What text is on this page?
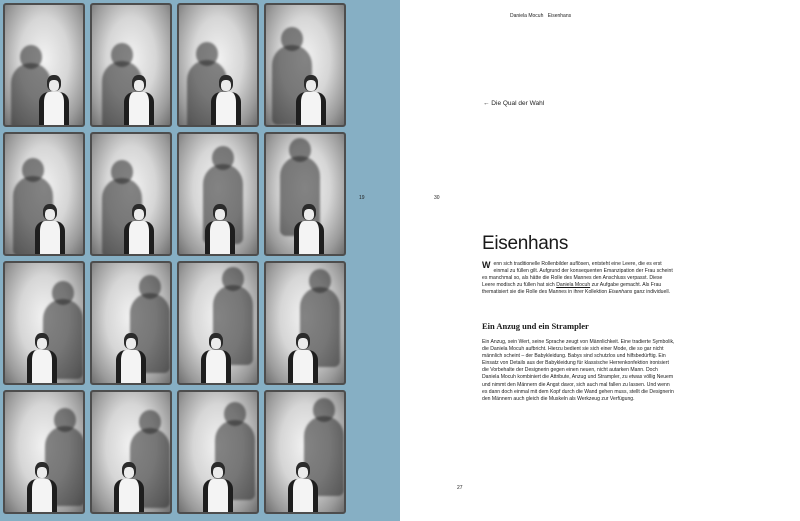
19
Daniela Mocuh Eisenhans
← Die Qual der Wahl
30
Eisenhans

Wenn sich traditionelle Rollenbilder auflösen, entsteht eine Leere, die es erst einmal zu füllen gilt. Aufgrund der konsequenten Emanzipation der Frau scheint es manchmal so, als hätte die Rolle des Mannes den Anschluss verpasst. Diese Leere modisch zu füllen hat sich Daniela Mocuh zur Aufgabe gemacht. Als Frau thematisiert sie die Rolle des Mannes in ihrer Kollektion Eisenhans ganz individuell.

Ein Anzug und ein Strampler

Ein Anzug, sein Wert, seine Sprache zeugt von Männlichkeit. Eine tradierte Symbolik, die Daniela Mocuh aufbricht. Hierzu bedient sie sich einer Mode, die so gar nicht männlich scheint – der Babykleidung. Babys sind schutzlos und hilfsbedürftig. Ein Einsatz von Details aus der Babykleidung für klassische Herrenkonfektion ironisiert die Vorbehalte der Designerin gegen einen neuen, nicht autarken Mann. Doch Daniela Mocuh kombiniert die Attribute, Anzug und Strampler, zu etwas völlig Neuem und nimmt den Männern die Angst davor, sich auch mal fallen zu lassen. Und wenn es dann doch einmal mit dem Kopf durch die Wand gehen muss, stellt die Designerin den Männern auch gleich die Muskeln als Werkzeug zur Verfügung.

27
